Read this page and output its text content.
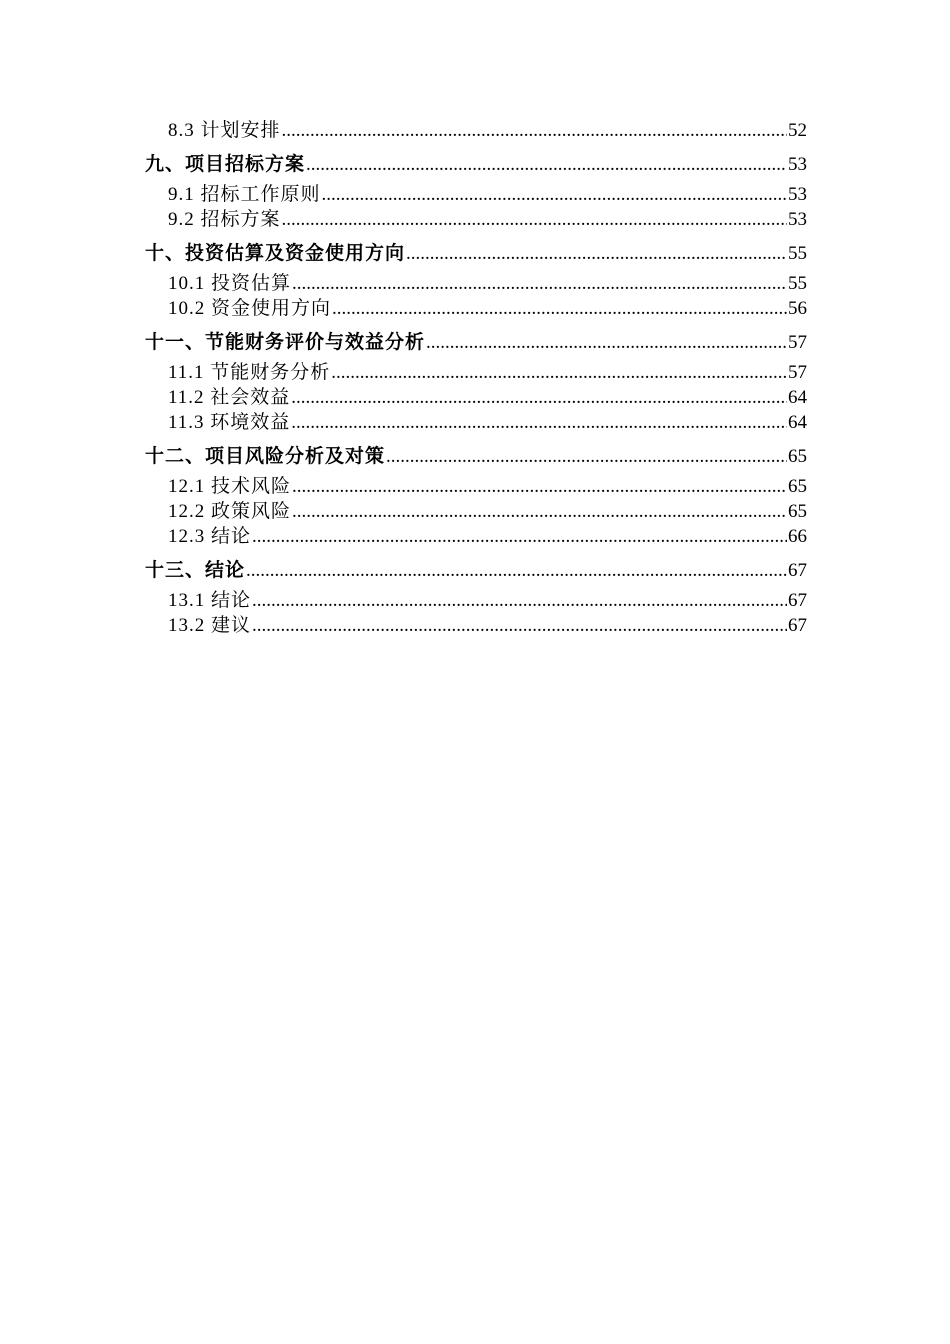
8.3 计划安排 .....	52
九、项目招标方案 .....	53
9.1 招标工作原则 .....	53
9.2 招标方案 .....	53
十、投资估算及资金使用方向 .....	55
10.1 投资估算 .....	55
10.2 资金使用方向 .....	56
十一、节能财务评价与效益分析 .....	57
11.1 节能财务分析 .....	57
11.2 社会效益 .....	64
11.3 环境效益 .....	64
十二、项目风险分析及对策 .....	65
12.1 技术风险 .....	65
12.2 政策风险 .....	65
12.3 结论 .....	66
十三、结论 .....	67
13.1 结论 .....	67
13.2 建议 .....	67
